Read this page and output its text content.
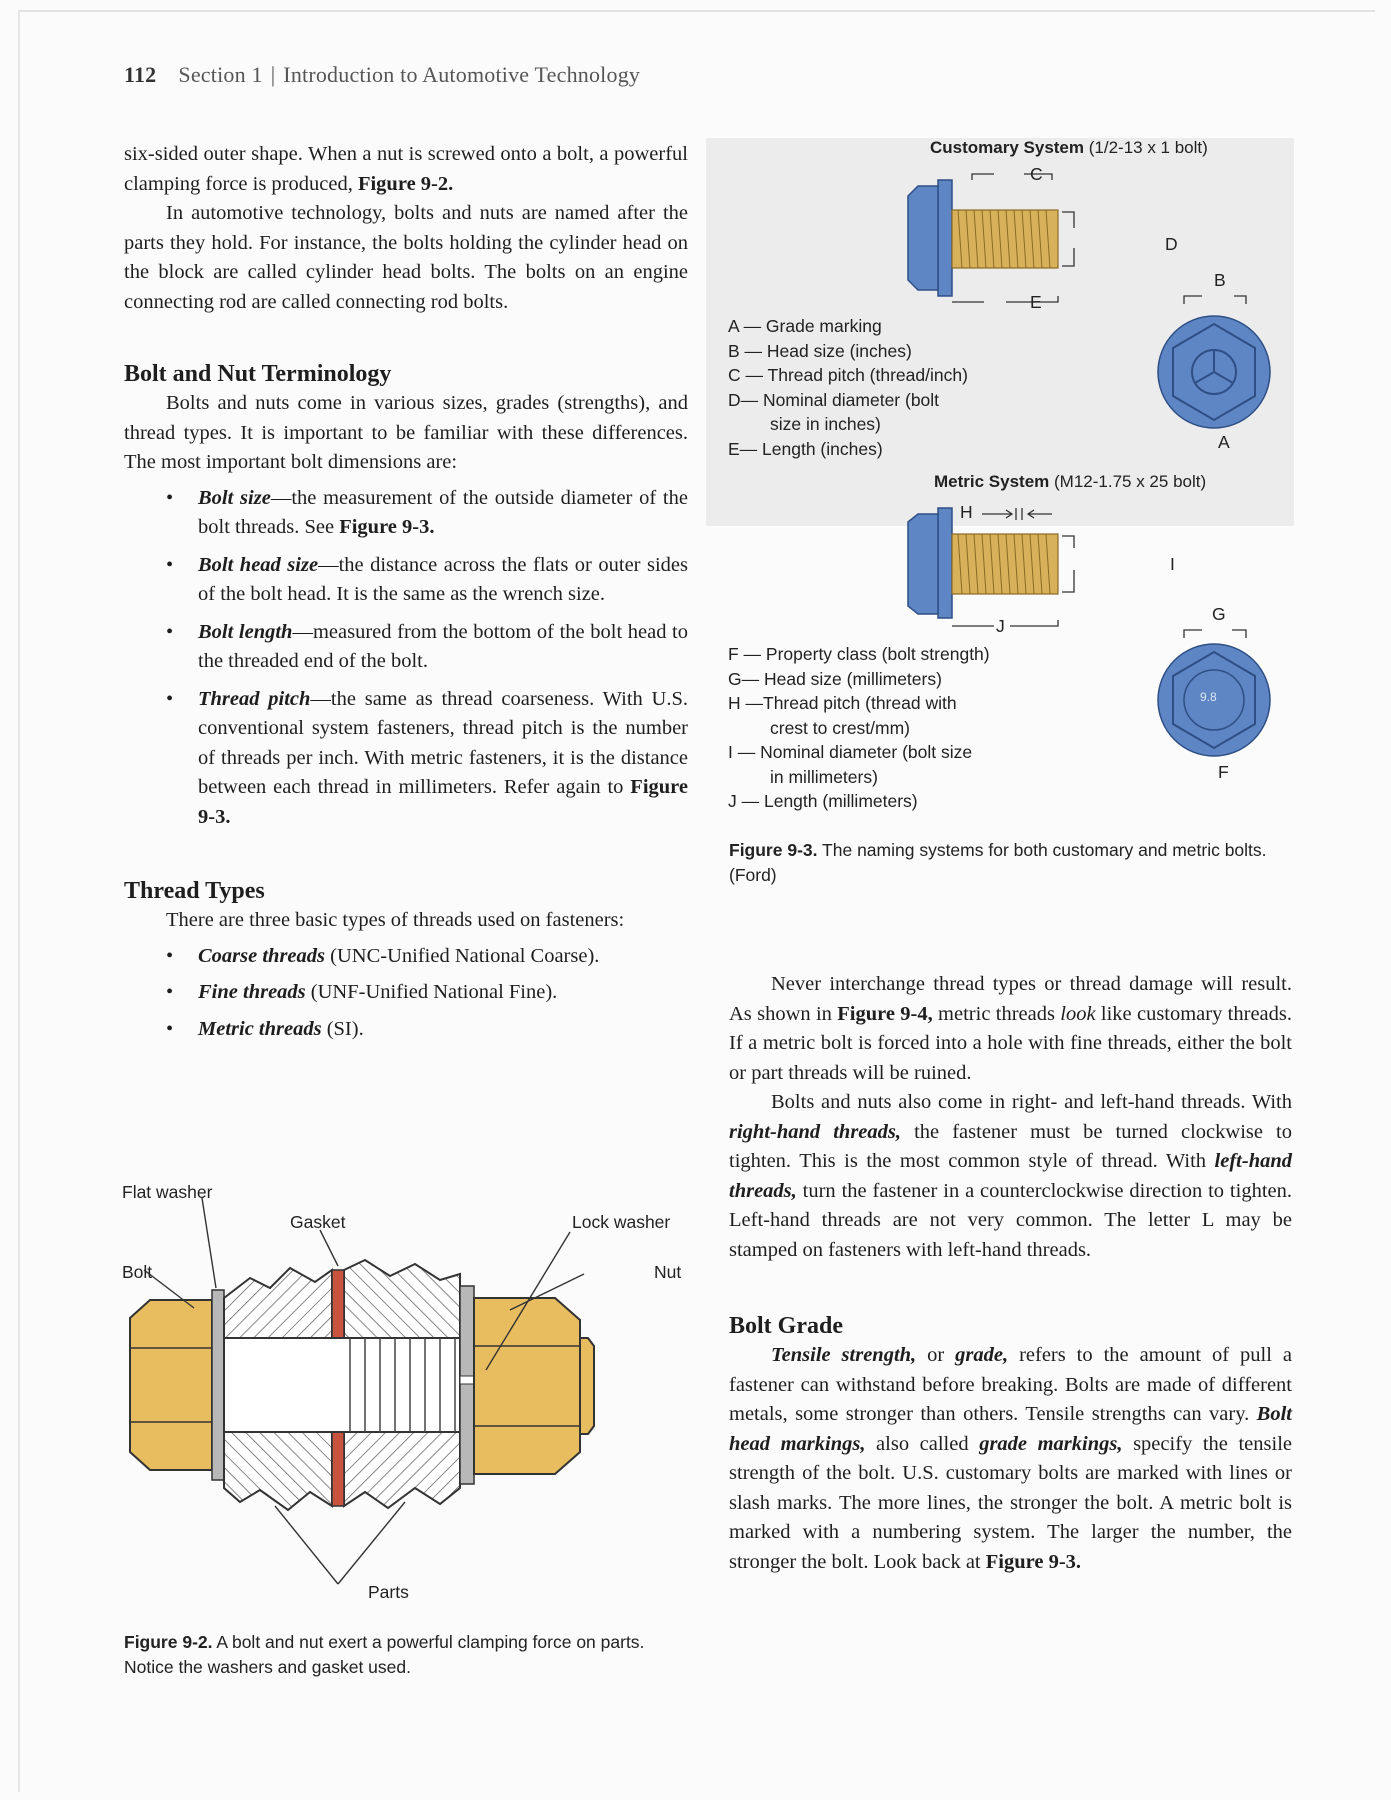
112 Section 1 | Introduction to Automotive Technology

six-sided outer shape. When a nut is screwed onto a bolt, a powerful clamping force is produced, Figure 9-2.

In automotive technology, bolts and nuts are named after the parts they hold. For instance, the bolts holding the cylinder head on the block are called cylinder head bolts. The bolts on an engine connecting rod are called connecting rod bolts.

Bolt and Nut Terminology

Bolts and nuts come in various sizes, grades (strengths), and thread types. It is important to be familiar with these differences. The most important bolt dimensions are:

• Bolt size—the measurement of the outside diameter of the bolt threads. See Figure 9-3.
• Bolt head size—the distance across the flats or outer sides of the bolt head. It is the same as the wrench size.
• Bolt length—measured from the bottom of the bolt head to the threaded end of the bolt.
• Thread pitch—the same as thread coarseness. With U.S. conventional system fasteners, thread pitch is the number of threads per inch. With metric fasteners, it is the distance between each thread in millimeters. Refer again to Figure 9-3.
Thread Types

There are three basic types of threads used on fasteners:

• Coarse threads (UNC-Unified National Coarse).
• Fine threads (UNF-Unified National Fine).
• Metric threads (SI).
Flat washer
Gasket	Lock washer
Bolt	Nut
Parts
Figure 9-2. A bolt and nut exert a powerful clamping force on parts. Notice the washers and gasket used.
Customary System (1/2-13 x 1 bolt)
C
D
E
B
A
A — Grade marking
B — Head size (inches)
C — Thread pitch (thread/inch)
D— Nominal diameter (bolt
size in inches)
E— Length (inches)
Metric System (M12-1.75 x 25 bolt)
H
I
J
G
F
9.8
F — Property class (bolt strength)
G— Head size (millimeters)
H —Thread pitch (thread with
crest to crest/mm)
I — Nominal diameter (bolt size
in millimeters)
J — Length (millimeters)
Figure 9-3. The naming systems for both customary and metric bolts. (Ford)

Never interchange thread types or thread damage will result. As shown in Figure 9-4, metric threads look like customary threads. If a metric bolt is forced into a hole with fine threads, either the bolt or part threads will be ruined.

Bolts and nuts also come in right- and left-hand threads. With right-hand threads, the fastener must be turned clockwise to tighten. This is the most common style of thread. With left-hand threads, turn the fastener in a counterclockwise direction to tighten. Left-hand threads are not very common. The letter L may be stamped on fasteners with left-hand threads.

Bolt Grade

Tensile strength, or grade, refers to the amount of pull a fastener can withstand before breaking. Bolts are made of different metals, some stronger than others. Tensile strengths can vary. Bolt head markings, also called grade markings, specify the tensile strength of the bolt. U.S. customary bolts are marked with lines or slash marks. The more lines, the stronger the bolt. A metric bolt is marked with a numbering system. The larger the number, the stronger the bolt. Look back at Figure 9-3.
